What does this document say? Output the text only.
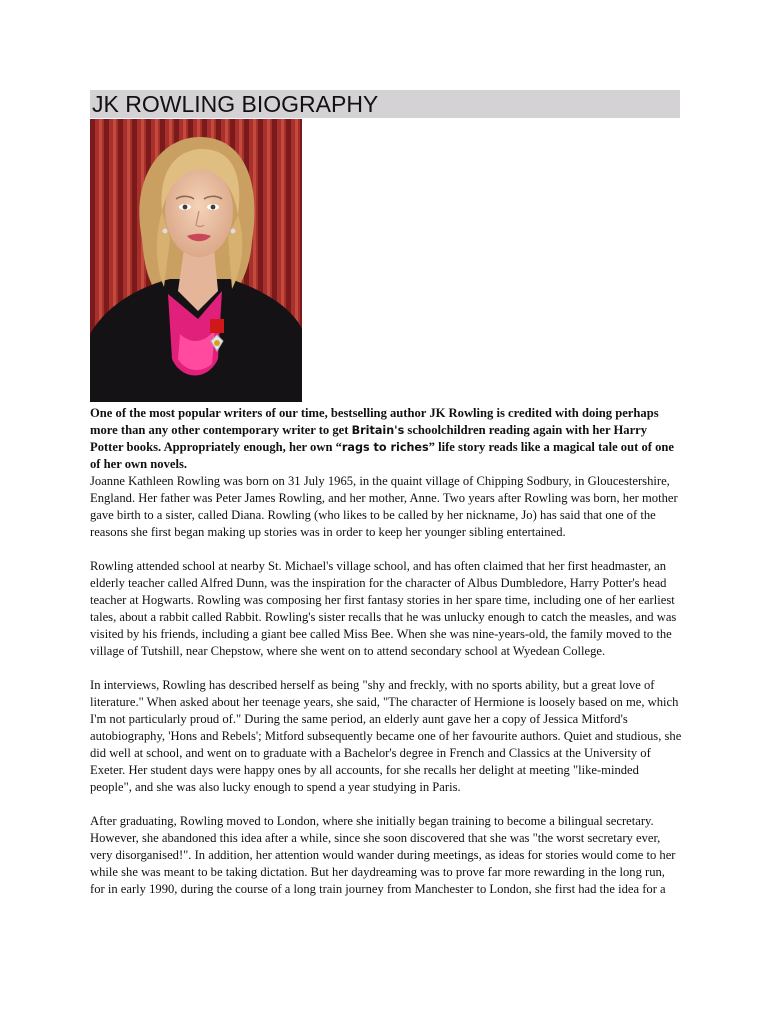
JK ROWLING BIOGRAPHY

One of the most popular writers of our time, bestselling author JK Rowling is credited with doing perhaps more than any other contemporary writer to get Britain's schoolchildren reading again with her Harry Potter books. Appropriately enough, her own “rags to riches” life story reads like a magical tale out of one of her own novels.

Joanne Kathleen Rowling was born on 31 July 1965, in the quaint village of Chipping Sodbury, in Gloucestershire, England. Her father was Peter James Rowling, and her mother, Anne. Two years after Rowling was born, her mother gave birth to a sister, called Diana. Rowling (who likes to be called by her nickname, Jo) has said that one of the reasons she first began making up stories was in order to keep her younger sibling entertained.

Rowling attended school at nearby St. Michael's village school, and has often claimed that her first headmaster, an elderly teacher called Alfred Dunn, was the inspiration for the character of Albus Dumbledore, Harry Potter's head teacher at Hogwarts. Rowling was composing her first fantasy stories in her spare time, including one of her earliest tales, about a rabbit called Rabbit. Rowling's sister recalls that he was unlucky enough to catch the measles, and was visited by his friends, including a giant bee called Miss Bee. When she was nine-years-old, the family moved to the village of Tutshill, near Chepstow, where she went on to attend secondary school at Wyedean College.

In interviews, Rowling has described herself as being "shy and freckly, with no sports ability, but a great love of literature." When asked about her teenage years, she said, "The character of Hermione is loosely based on me, which I'm not particularly proud of." During the same period, an elderly aunt gave her a copy of Jessica Mitford's autobiography, 'Hons and Rebels'; Mitford subsequently became one of her favourite authors. Quiet and studious, she did well at school, and went on to graduate with a Bachelor's degree in French and Classics at the University of Exeter. Her student days were happy ones by all accounts, for she recalls her delight at meeting "like-minded people", and she was also lucky enough to spend a year studying in Paris.

After graduating, Rowling moved to London, where she initially began training to become a bilingual secretary. However, she abandoned this idea after a while, since she soon discovered that she was "the worst secretary ever, very disorganised!". In addition, her attention would wander during meetings, as ideas for stories would come to her while she was meant to be taking dictation. But her daydreaming was to prove far more rewarding in the long run, for in early 1990, during the course of a long train journey from Manchester to London, she first had the idea for a
